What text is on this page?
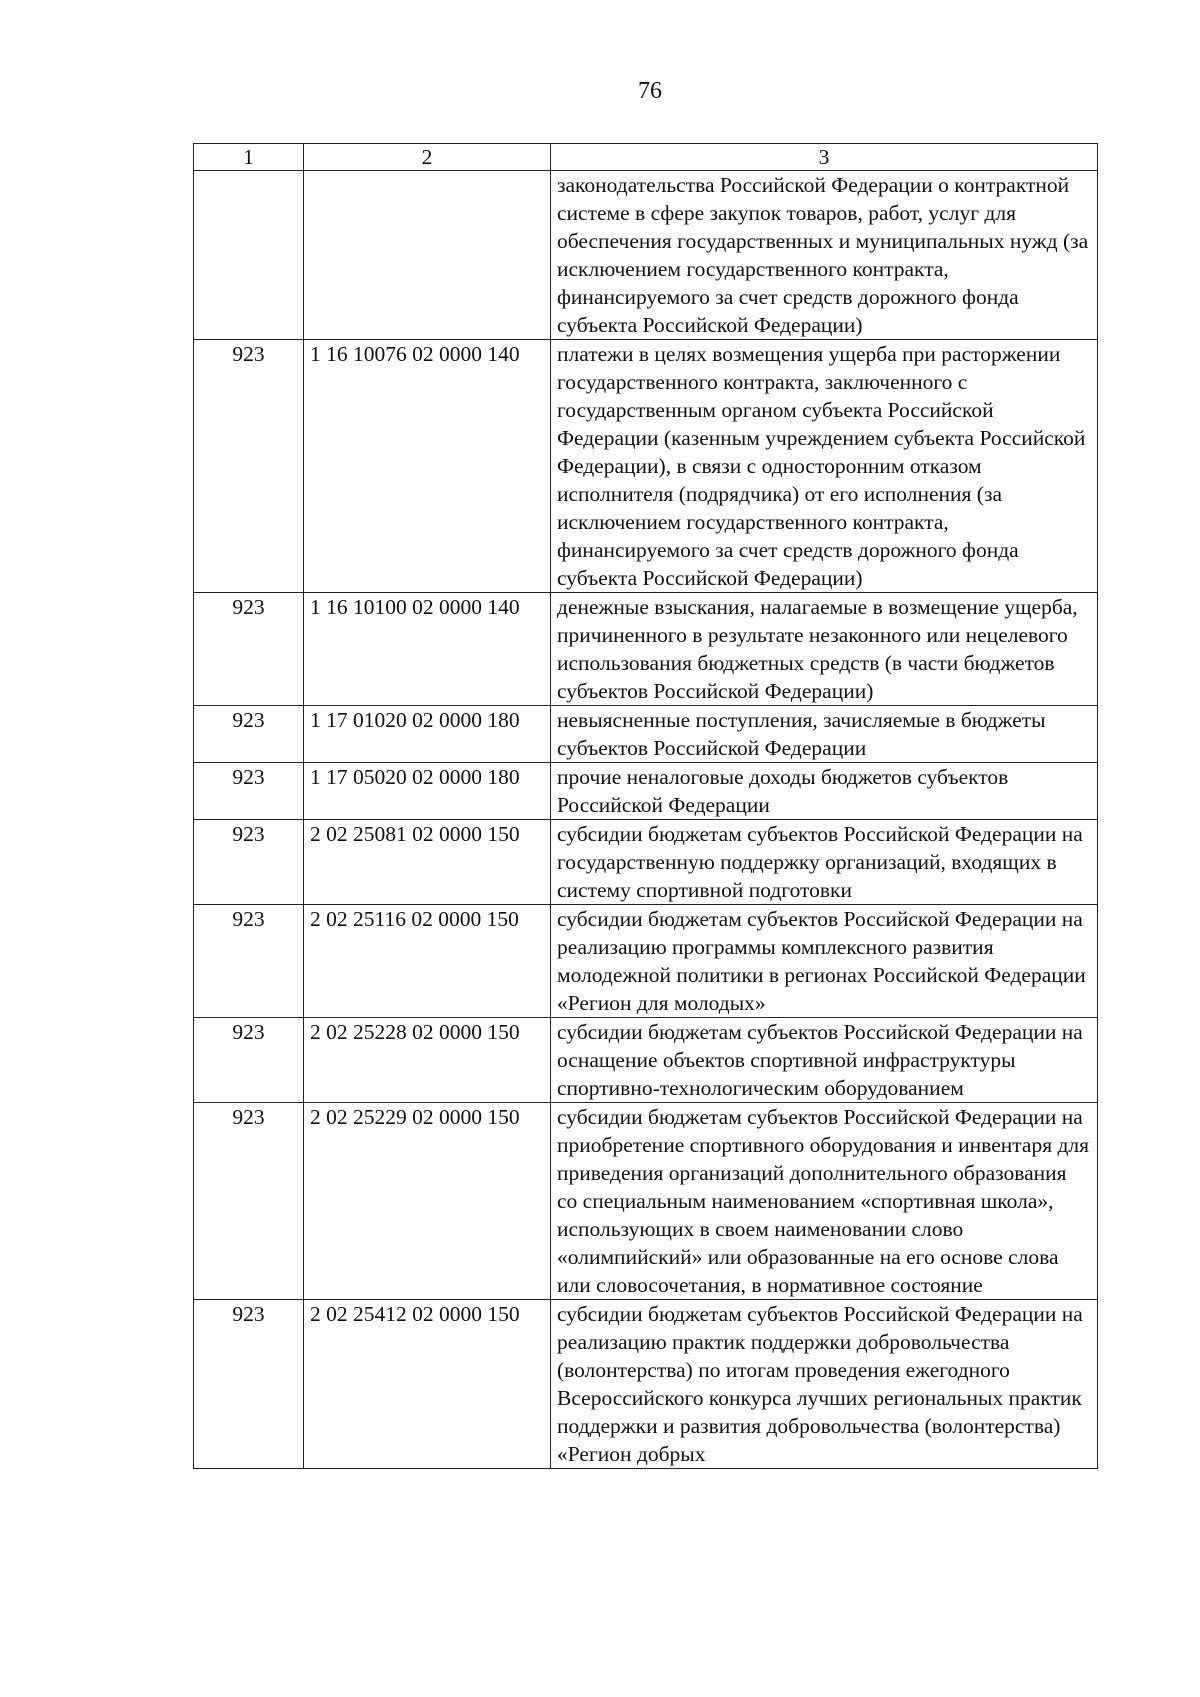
76
1	2	3
		законодательства Российской Федерации о контрактной системе в сфере закупок товаров, работ, услуг для обеспечения государственных и муниципальных нужд (за исключением государственного контракта, финансируемого за счет средств дорожного фонда субъекта Российской Федерации)
923	1 16 10076 02 0000 140	платежи в целях возмещения ущерба при расторжении государственного контракта, заключенного с государственным органом субъекта Российской Федерации (казенным учреждением субъекта Российской Федерации), в связи с односторонним отказом исполнителя (подрядчика) от его исполнения (за исключением государственного контракта, финансируемого за счет средств дорожного фонда субъекта Российской Федерации)
923	1 16 10100 02 0000 140	денежные взыскания, налагаемые в возмещение ущерба, причиненного в результате незаконного или нецелевого использования бюджетных средств (в части бюджетов субъектов Российской Федерации)
923	1 17 01020 02 0000 180	невыясненные поступления, зачисляемые в бюджеты субъектов Российской Федерации
923	1 17 05020 02 0000 180	прочие неналоговые доходы бюджетов субъектов Российской Федерации
923	2 02 25081 02 0000 150	субсидии бюджетам субъектов Российской Федерации на государственную поддержку организаций, входящих в систему спортивной подготовки
923	2 02 25116 02 0000 150	субсидии бюджетам субъектов Российской Федерации на реализацию программы комплексного развития молодежной политики в регионах Российской Федерации «Регион для молодых»
923	2 02 25228 02 0000 150	субсидии бюджетам субъектов Российской Федерации на оснащение объектов спортивной инфраструктуры спортивно-технологическим оборудованием
923	2 02 25229 02 0000 150	субсидии бюджетам субъектов Российской Федерации на приобретение спортивного оборудования и инвентаря для приведения организаций дополнительного образования со специальным наименованием «спортивная школа», использующих в своем наименовании слово «олимпийский» или образованные на его основе слова или словосочетания, в нормативное состояние
923	2 02 25412 02 0000 150	субсидии бюджетам субъектов Российской Федерации на реализацию практик поддержки добровольчества (волонтерства) по итогам проведения ежегодного Всероссийского конкурса лучших региональных практик поддержки и развития добровольчества (волонтерства) «Регион добрых
